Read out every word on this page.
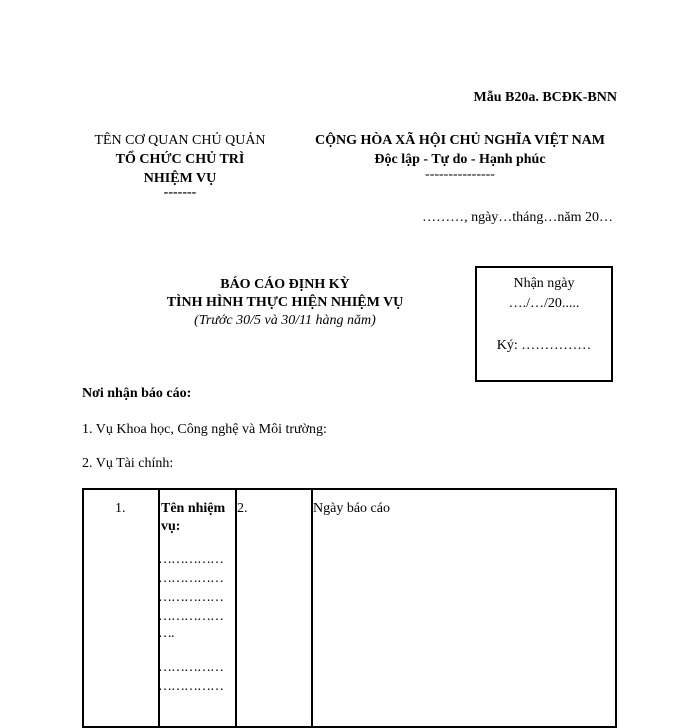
Mẫu B20a. BCĐK-BNN
TÊN CƠ QUAN CHỦ QUẢN
TỔ CHỨC CHỦ TRÌ
NHIỆM VỤ
-------
CỘNG HÒA XÃ HỘI CHỦ NGHĨA VIỆT NAM
Độc lập - Tự do - Hạnh phúc
---------------
………, ngày…tháng…năm 20…
BÁO CÁO ĐỊNH KỲ
TÌNH HÌNH THỰC HIỆN NHIỆM VỤ
(Trước 30/5 và 30/11 hàng năm)
Nhận ngày
…./…/20.....
Ký: ……………
Nơi nhận báo cáo:
1. Vụ Khoa học, Công nghệ và Môi trường:
2. Vụ Tài chính:
1.	Tên nhiệm
vụ:
2.	Ngày báo cáo
……………
……………
……………
……………
….
……………
……………
